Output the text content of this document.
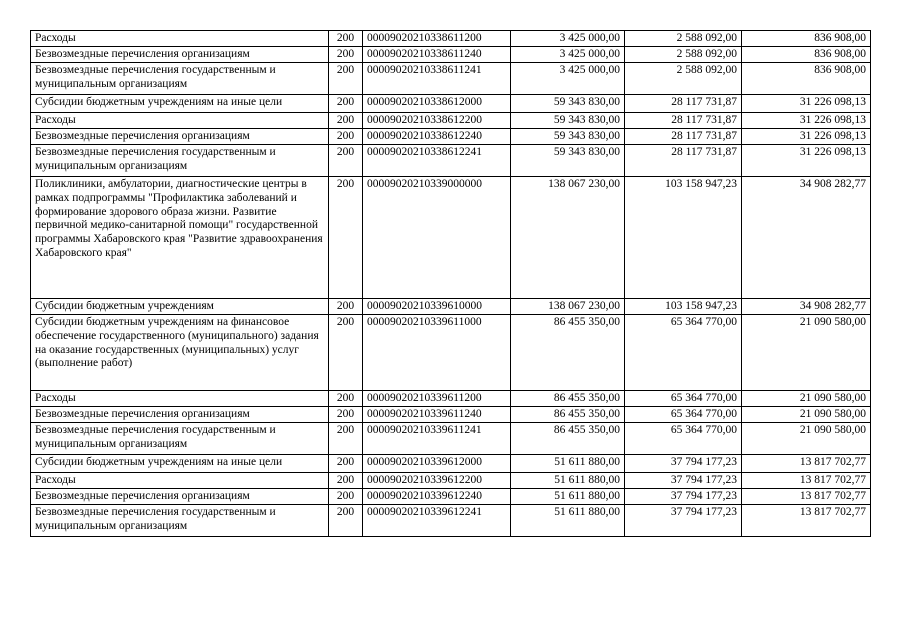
Расходы	200	00009020210338611200	3 425 000,00	2 588 092,00	836 908,00
Безвозмездные перечисления организациям	200	00009020210338611240	3 425 000,00	2 588 092,00	836 908,00
Безвозмездные перечисления государственным и муниципальным организациям	200	00009020210338611241	3 425 000,00	2 588 092,00	836 908,00
Субсидии бюджетным учреждениям на иные цели	200	00009020210338612000	59 343 830,00	28 117 731,87	31 226 098,13
Расходы	200	00009020210338612200	59 343 830,00	28 117 731,87	31 226 098,13
Безвозмездные перечисления организациям	200	00009020210338612240	59 343 830,00	28 117 731,87	31 226 098,13
Безвозмездные перечисления государственным и муниципальным организациям	200	00009020210338612241	59 343 830,00	28 117 731,87	31 226 098,13
Поликлиники, амбулатории, диагностические центры в рамках подпрограммы "Профилактика заболеваний и формирование здорового образа жизни. Развитие первичной медико-санитарной помощи" государственной программы Хабаровского края "Развитие здравоохранения Хабаровского края"	200	00009020210339000000	138 067 230,00	103 158 947,23	34 908 282,77
Субсидии бюджетным учреждениям	200	00009020210339610000	138 067 230,00	103 158 947,23	34 908 282,77
Субсидии бюджетным учреждениям на финансовое обеспечение государственного (муниципального) задания на оказание государственных (муниципальных) услуг (выполнение работ)	200	00009020210339611000	86 455 350,00	65 364 770,00	21 090 580,00
Расходы	200	00009020210339611200	86 455 350,00	65 364 770,00	21 090 580,00
Безвозмездные перечисления организациям	200	00009020210339611240	86 455 350,00	65 364 770,00	21 090 580,00
Безвозмездные перечисления государственным и муниципальным организациям	200	00009020210339611241	86 455 350,00	65 364 770,00	21 090 580,00
Субсидии бюджетным учреждениям на иные цели	200	00009020210339612000	51 611 880,00	37 794 177,23	13 817 702,77
Расходы	200	00009020210339612200	51 611 880,00	37 794 177,23	13 817 702,77
Безвозмездные перечисления организациям	200	00009020210339612240	51 611 880,00	37 794 177,23	13 817 702,77
Безвозмездные перечисления государственным и муниципальным организациям	200	00009020210339612241	51 611 880,00	37 794 177,23	13 817 702,77
